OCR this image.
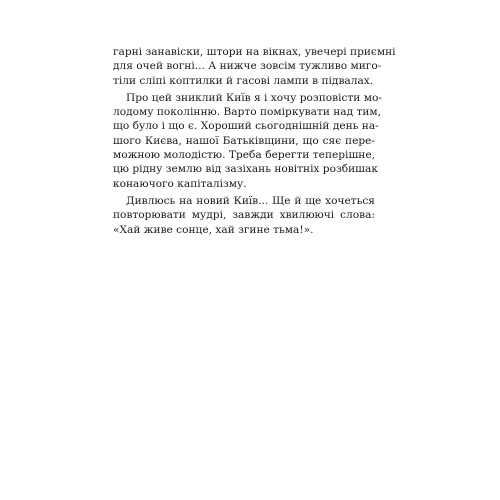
гарні занавіски, штори на вікнах, увечері приємні
для очей вогні... А нижче зовсім тужливо миго-
тіли сліпі коптилки й гасові лампи в підвалах.

Про цей зниклий Київ я і хочу розповісти мо-
лодому поколінню. Варто поміркувати над тим,
що було і що є. Хороший сьогоднішній день на-
шого Києва, нашої Батьківщини, що сяє пере-
можною молодістю. Треба берегти теперішне,
цю рідну землю від зазіхань новітніх розбишак
конаючого капіталізму.

Дивлюсь на новий Київ... Ще й ще хочеться
повторювати мудрі, завжди хвилюючі слова:
«Хай живе сонце, хай згине тьма!».
